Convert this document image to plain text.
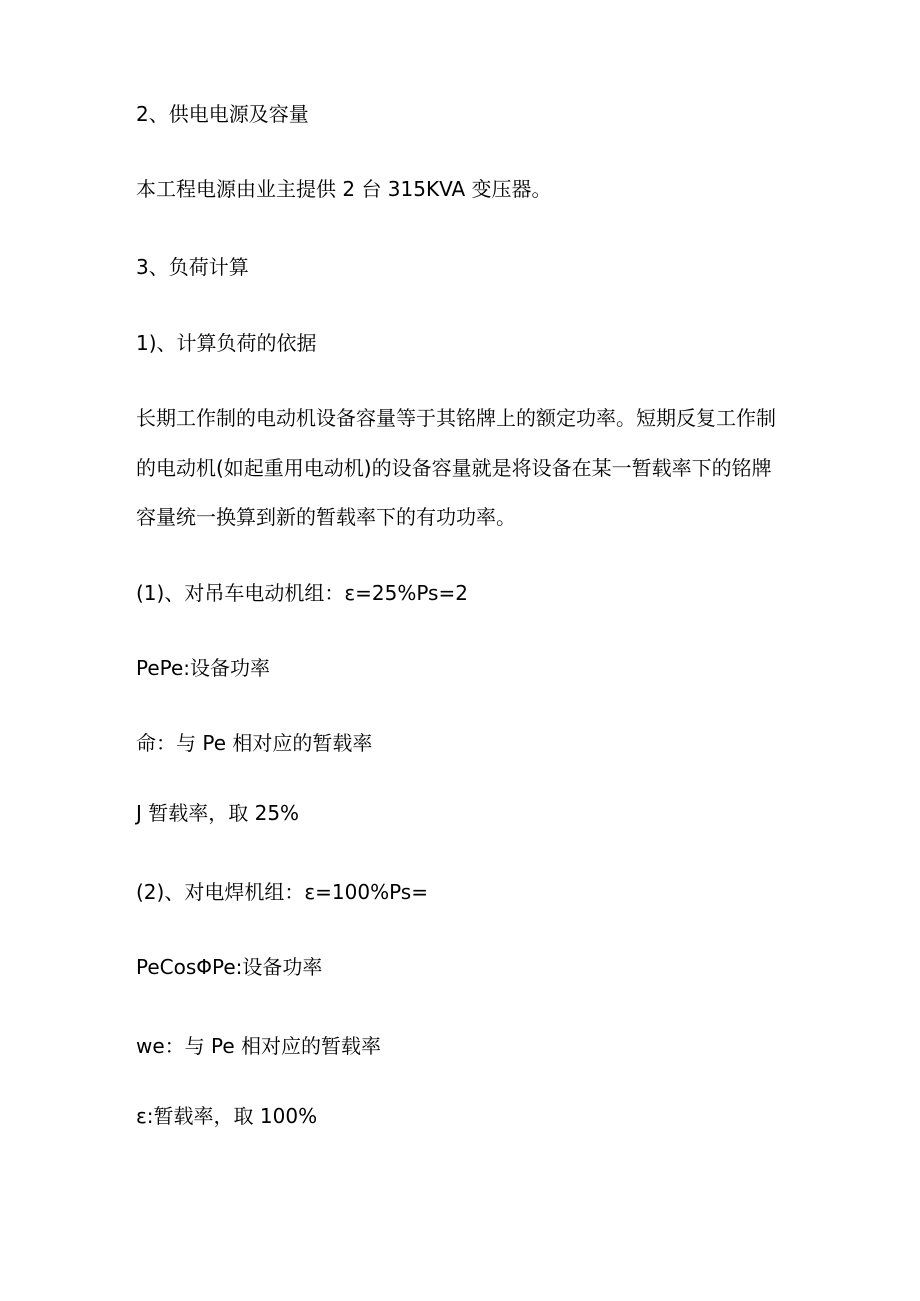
2、供电电源及容量
本工程电源由业主提供 2 台 315KVA 变压器。
3、负荷计算
1)、计算负荷的依据
长期工作制的电动机设备容量等于其铭牌上的额定功率。短期反复工作制
的电动机(如起重用电动机)的设备容量就是将设备在某一暂载率下的铭牌
容量统一换算到新的暂载率下的有功功率。
(1)、对吊车电动机组：ε=25%Ps=2
PePe:设备功率
命：与 Pe 相对应的暂载率
J 暂载率，取 25%
(2)、对电焊机组：ε=100%Ps=
PeCosΦPe:设备功率
we：与 Pe 相对应的暂载率
ε:暂载率，取 100%
